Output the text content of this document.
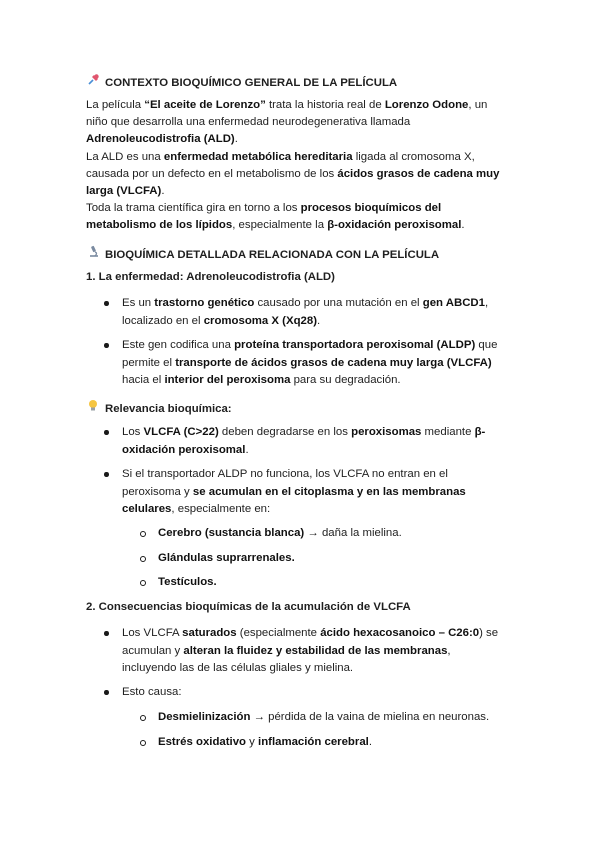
CONTEXTO BIOQUÍMICO GENERAL DE LA PELÍCULA
La película “El aceite de Lorenzo” trata la historia real de Lorenzo Odone, un niño que desarrolla una enfermedad neurodegenerativa llamada Adrenoleucodistrofia (ALD).
La ALD es una enfermedad metabólica hereditaria ligada al cromosoma X, causada por un defecto en el metabolismo de los ácidos grasos de cadena muy larga (VLCFA).
Toda la trama científica gira en torno a los procesos bioquímicos del metabolismo de los lípidos, especialmente la β-oxidación peroxisomal.
BIOQUÍMICA DETALLADA RELACIONADA CON LA PELÍCULA
1. La enfermedad: Adrenoleucodistrofia (ALD)
Es un trastorno genético causado por una mutación en el gen ABCD1, localizado en el cromosoma X (Xq28).
Este gen codifica una proteína transportadora peroxisomal (ALDP) que permite el transporte de ácidos grasos de cadena muy larga (VLCFA) hacia el interior del peroxisoma para su degradación.
Relevancia bioquímica:
Los VLCFA (C>22) deben degradarse en los peroxisomas mediante β-oxidación peroxisomal.
Si el transportador ALDP no funciona, los VLCFA no entran en el peroxisoma y se acumulan en el citoplasma y en las membranas celulares, especialmente en:
Cerebro (sustancia blanca) → daña la mielina.
Glándulas suprarrenales.
Testículos.
2. Consecuencias bioquímicas de la acumulación de VLCFA
Los VLCFA saturados (especialmente ácido hexacosanoico – C26:0) se acumulan y alteran la fluidez y estabilidad de las membranas, incluyendo las de las células gliales y mielina.
Esto causa:
Desmielinización → pérdida de la vaina de mielina en neuronas.
Estrés oxidativo y inflamación cerebral.
